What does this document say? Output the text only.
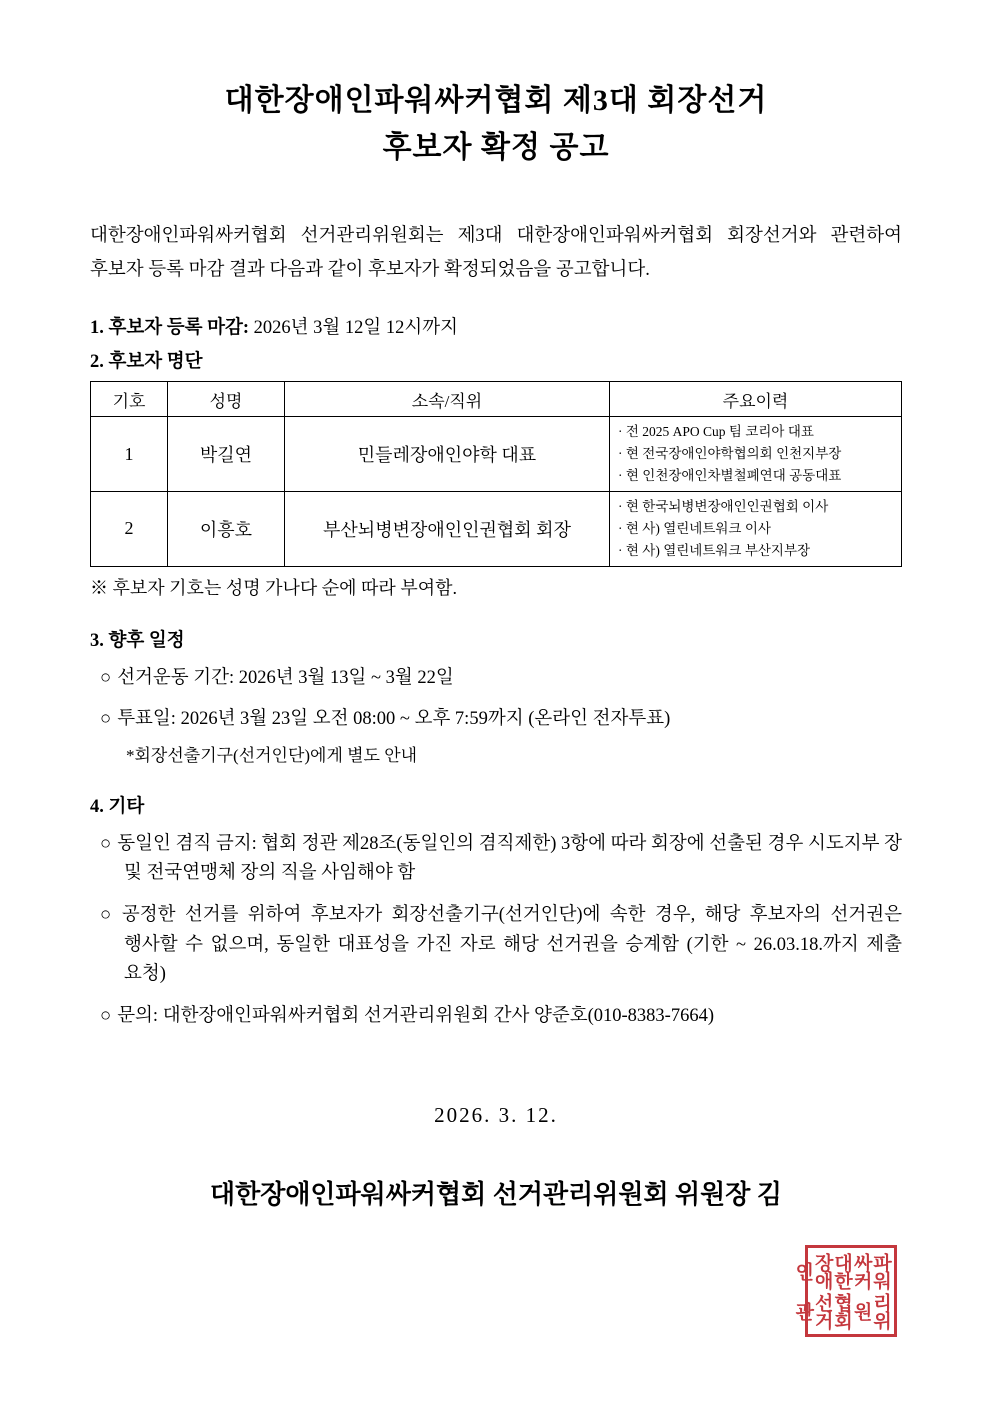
대한장애인파워싸커협회 제3대 회장선거
후보자 확정 공고
대한장애인파워싸커협회 선거관리위원회는 제3대 대한장애인파워싸커협회 회장선거와 관련하여 후보자 등록 마감 결과 다음과 같이 후보자가 확정되었음을 공고합니다.
1. 후보자 등록 마감: 2026년 3월 12일 12시까지
2. 후보자 명단
기호	성명	소속/직위	주요이력
1	박길연	민들레장애인야학 대표	· 전 2025 APO Cup 팀 코리아 대표
· 현 전국장애인야학협의회 인천지부장
· 현 인천장애인차별철폐연대 공동대표

2	이흥호	부산뇌병변장애인인권협회 회장	· 현 한국뇌병변장애인인권협회 이사
· 현 사) 열린네트워크 이사
· 현 사) 열린네트워크 부산지부장
※ 후보자 기호는 성명 가나다 순에 따라 부여함.
3. 향후 일정
○ 선거운동 기간: 2026년 3월 13일 ~ 3월 22일
○ 투표일: 2026년 3월 23일 오전 08:00 ~ 오후 7:59까지 (온라인 전자투표)
*회장선출기구(선거인단)에게 별도 안내
4. 기타
○ 동일인 겸직 금지: 협회 정관 제28조(동일인의 겸직제한) 3항에 따라 회장에 선출된 경우 시도지부 장 및 전국연맹체 장의 직을 사임해야 함
○ 공정한 선거를 위하여 후보자가 회장선출기구(선거인단)에 속한 경우, 해당 후보자의 선거권은 행사할 수 없으며, 동일한 대표성을 가진 자로 해당 선거권을 승계함 (기한 ~ 26.03.18.까지 제출 요청)
○ 문의: 대한장애인파워싸커협회 선거관리위원회 간사 양준호(010-8383-7664)
2026. 3. 12.
대한장애인파워싸커협회 선거관리위원회 위원장 김
대한장애인	파워싸커
협회선거관	리위원
